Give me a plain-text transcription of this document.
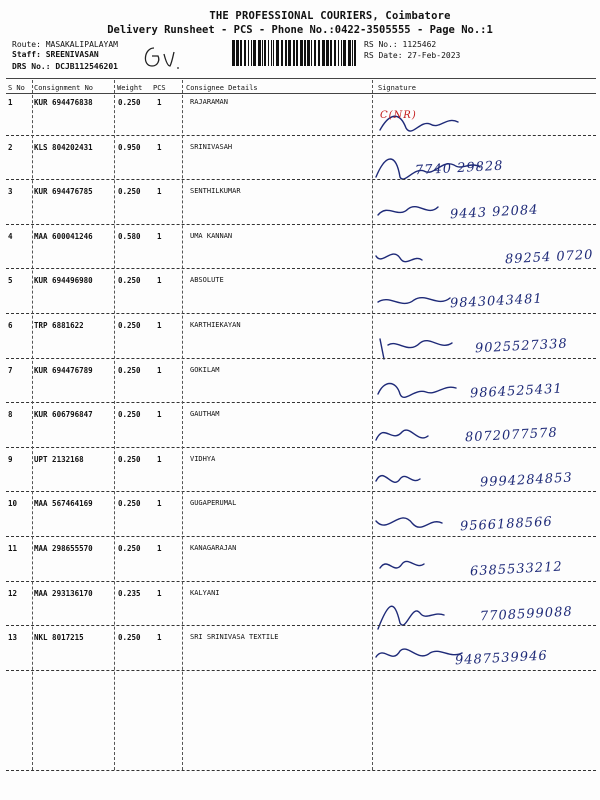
THE PROFESSIONAL COURIERS, Coimbatore
Delivery Runsheet - PCS - Phone No.:0422-3505555 - Page No.:1
Route: MASAKALIPALAYAM
Staff: SREENIVASAN
DRS No.: DCJB112546201
RS No.: 1125462
RS Date: 27-Feb-2023
S No Consignment No	Weight PCS	Consignee Details	Signature
1	KUR 694476838	0.250 1	RAJARAMAN
C(NR)
2	KLS 804202431	0.950 1	SRINIVASAH
7740 29828
3	KUR 694476785	0.250 1	SENTHILKUMAR
9443 92084
4	MAA 600041246	0.580 1	UMA KANNAN
89254 0720
5	KUR 694496980	0.250 1	ABSOLUTE
9843043481
6	TRP 6881622	0.250 1	KARTHIEKAYAN
9025527338
7	KUR 694476789	0.250 1	GOKILAM
9864525431
8	KUR 606796847	0.250 1	GAUTHAM
8072077578
9	UPT 2132168	0.250 1	VIDHYA
9994284853
10 MAA 567464169	0.250 1	GUGAPERUMAL
9566188566
11 MAA 298655570	0.250 1	KANAGARAJAN
6385533212
12 MAA 293136170	0.235 1	KALYANI
7708599088
13 NKL 8017215	0.250 1	SRI SRINIVASA TEXTILE
9487539946
